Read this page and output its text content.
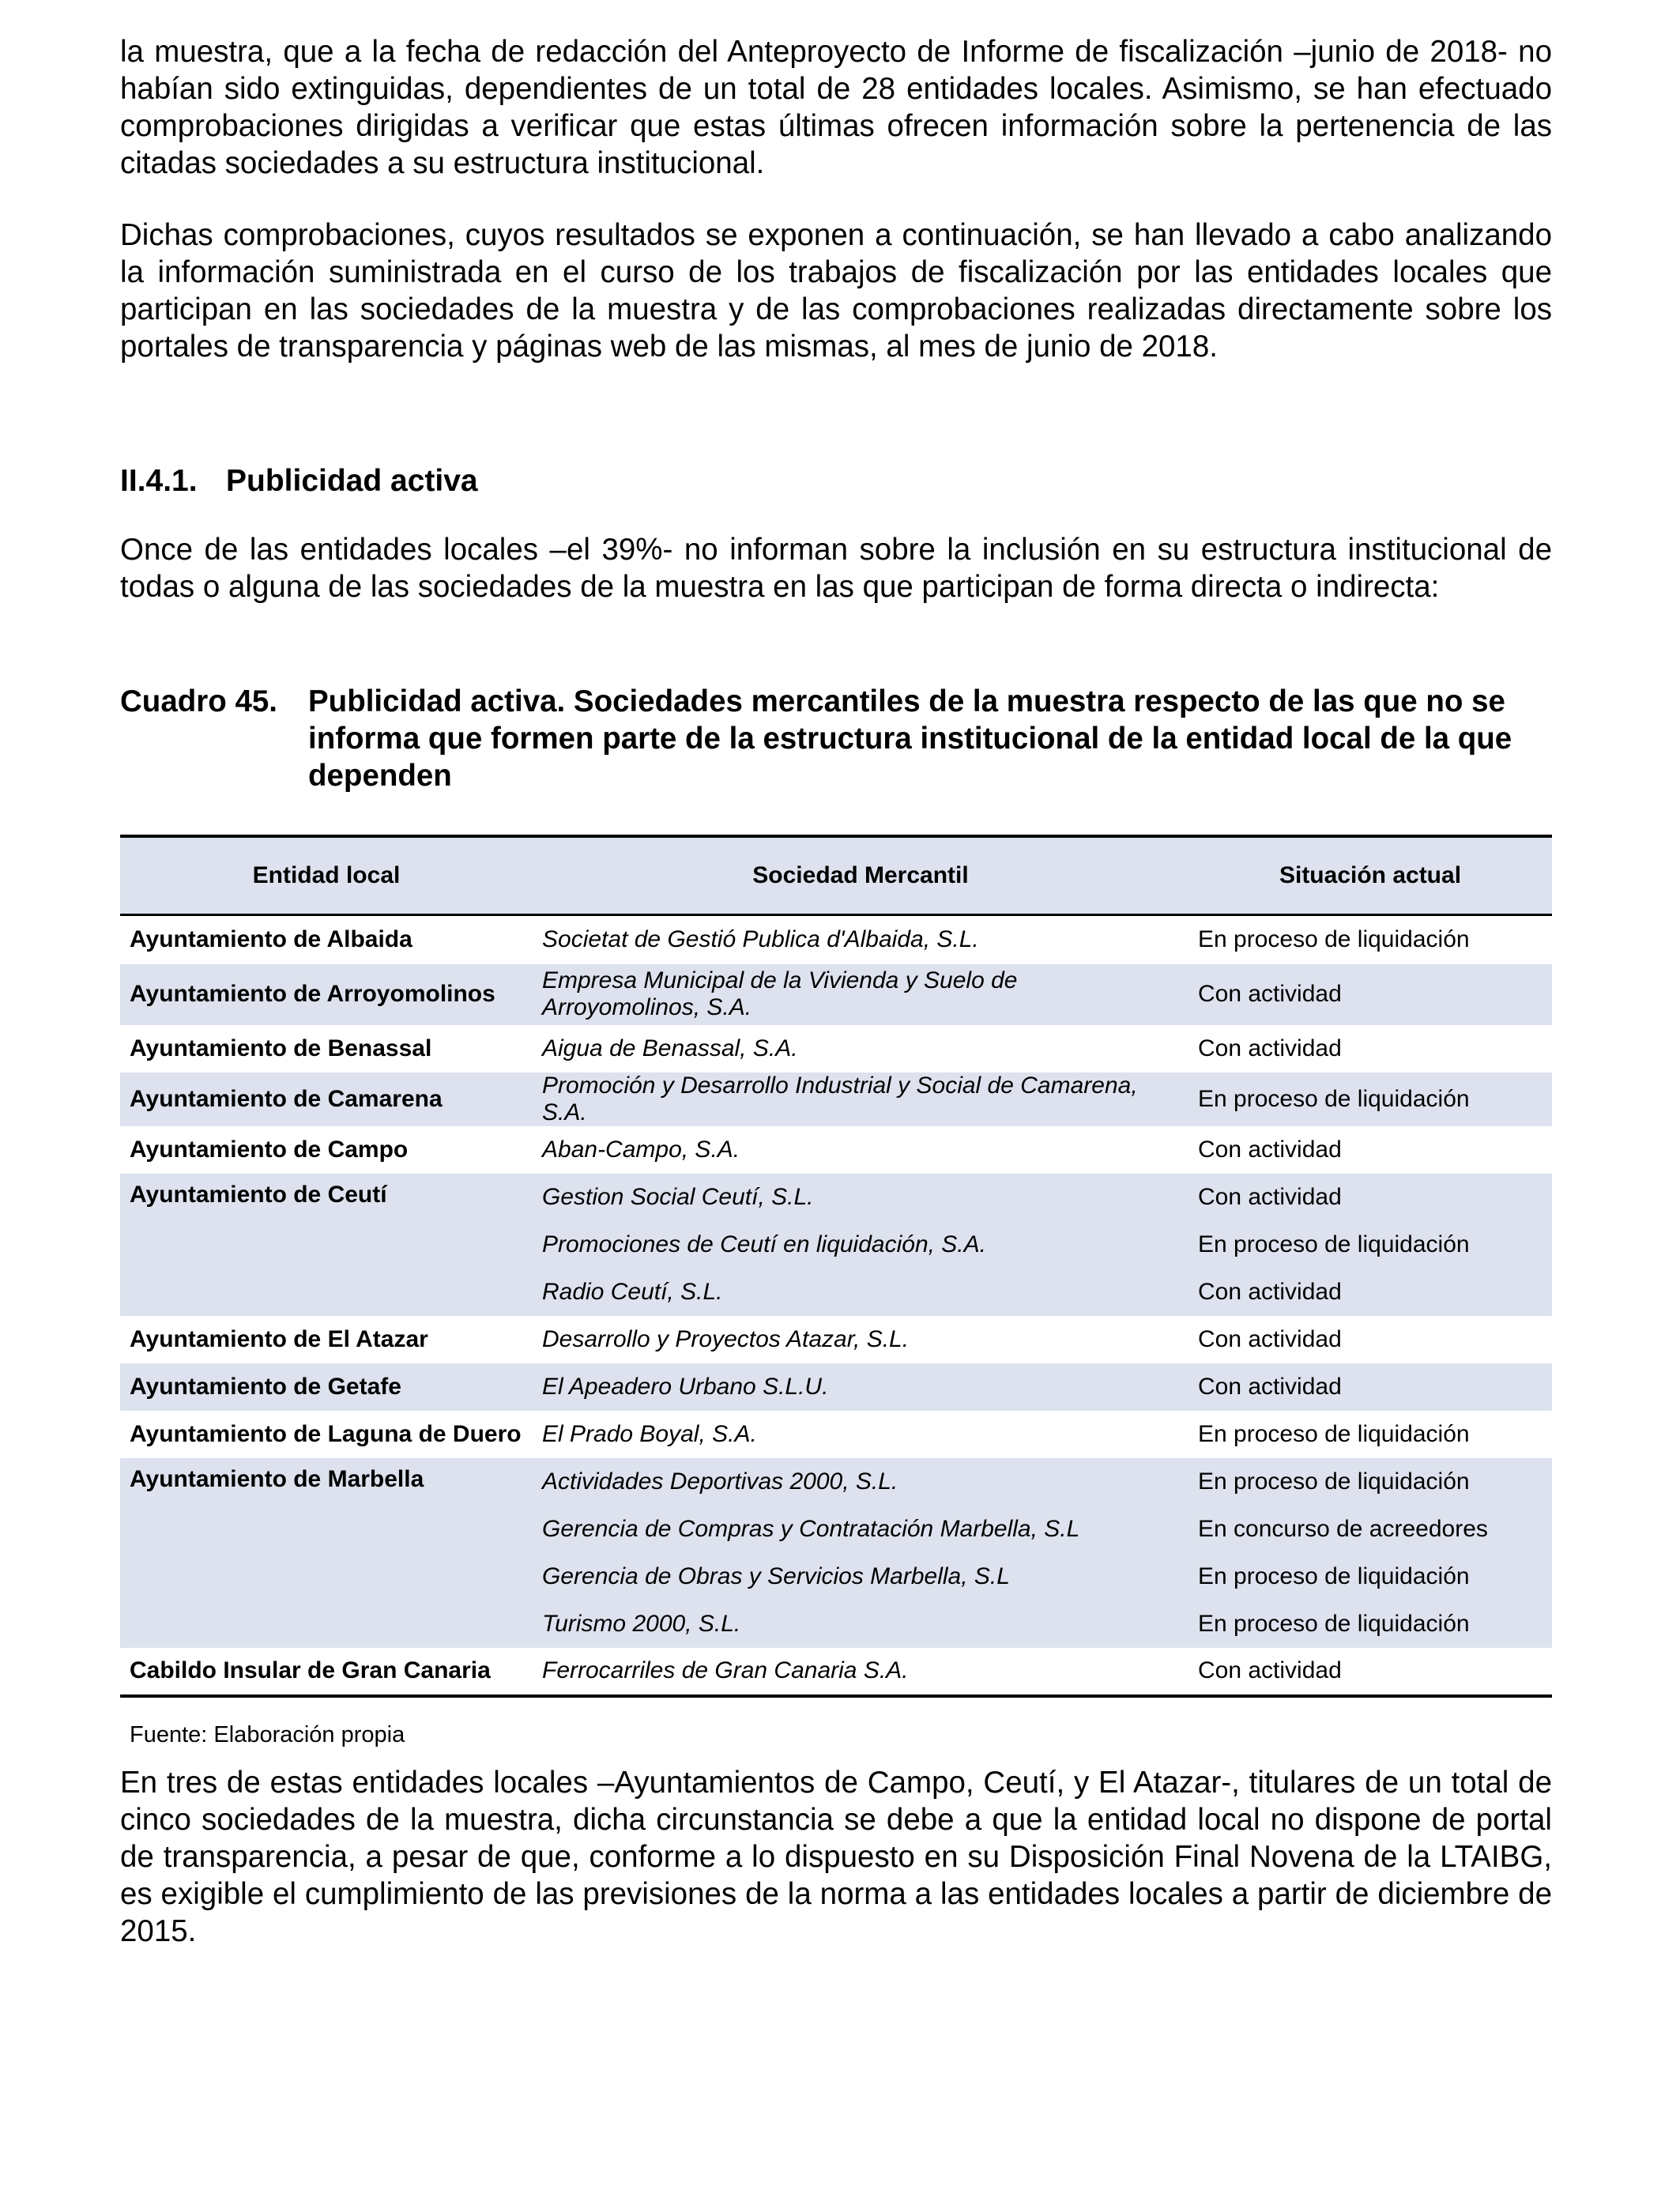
la muestra, que a la fecha de redacción del Anteproyecto de Informe de fiscalización –junio de 2018- no habían sido extinguidas, dependientes de un total de 28 entidades locales. Asimismo, se han efectuado comprobaciones dirigidas a verificar que estas últimas ofrecen información sobre la pertenencia de las citadas sociedades a su estructura institucional.

Dichas comprobaciones, cuyos resultados se exponen a continuación, se han llevado a cabo analizando la información suministrada en el curso de los trabajos de fiscalización por las entidades locales que participan en las sociedades de la muestra y de las comprobaciones realizadas directamente sobre los portales de transparencia y páginas web de las mismas, al mes de junio de 2018.

II.4.1. Publicidad activa

Once de las entidades locales –el 39%- no informan sobre la inclusión en su estructura institucional de todas o alguna de las sociedades de la muestra en las que participan de forma directa o indirecta:

Cuadro 45.	Publicidad activa. Sociedades mercantiles de la muestra respecto de las que no se informa que formen parte de la estructura institucional de la entidad local de la que dependen
Entidad local	Sociedad Mercantil	Situación actual
Ayuntamiento de Albaida	Societat de Gestió Publica d'Albaida, S.L.	En proceso de liquidación
Ayuntamiento de Arroyomolinos	Empresa Municipal de la Vivienda y Suelo de Arroyomolinos, S.A.	Con actividad
Ayuntamiento de Benassal	Aigua de Benassal, S.A.	Con actividad
Ayuntamiento de Camarena	Promoción y Desarrollo Industrial y Social de Camarena, S.A.	En proceso de liquidación
Ayuntamiento de Campo	Aban-Campo, S.A.	Con actividad
Ayuntamiento de Ceutí	Gestion Social Ceutí, S.L.	Con actividad
	Promociones de Ceutí en liquidación, S.A.	En proceso de liquidación
	Radio Ceutí, S.L.	Con actividad
Ayuntamiento de El Atazar	Desarrollo y Proyectos Atazar, S.L.	Con actividad
Ayuntamiento de Getafe	El Apeadero Urbano S.L.U.	Con actividad
Ayuntamiento de Laguna de Duero	El Prado Boyal, S.A.	En proceso de liquidación
Ayuntamiento de Marbella	Actividades Deportivas 2000, S.L.	En proceso de liquidación
	Gerencia de Compras y Contratación Marbella, S.L	En concurso de acreedores
	Gerencia de Obras y Servicios Marbella, S.L	En proceso de liquidación
	Turismo 2000, S.L.	En proceso de liquidación
Cabildo Insular de Gran Canaria	Ferrocarriles de Gran Canaria S.A.	Con actividad

Fuente: Elaboración propia

En tres de estas entidades locales –Ayuntamientos de Campo, Ceutí, y El Atazar-, titulares de un total de cinco sociedades de la muestra, dicha circunstancia se debe a que la entidad local no dispone de portal de transparencia, a pesar de que, conforme a lo dispuesto en su Disposición Final Novena de la LTAIBG, es exigible el cumplimiento de las previsiones de la norma a las entidades locales a partir de diciembre de 2015.
